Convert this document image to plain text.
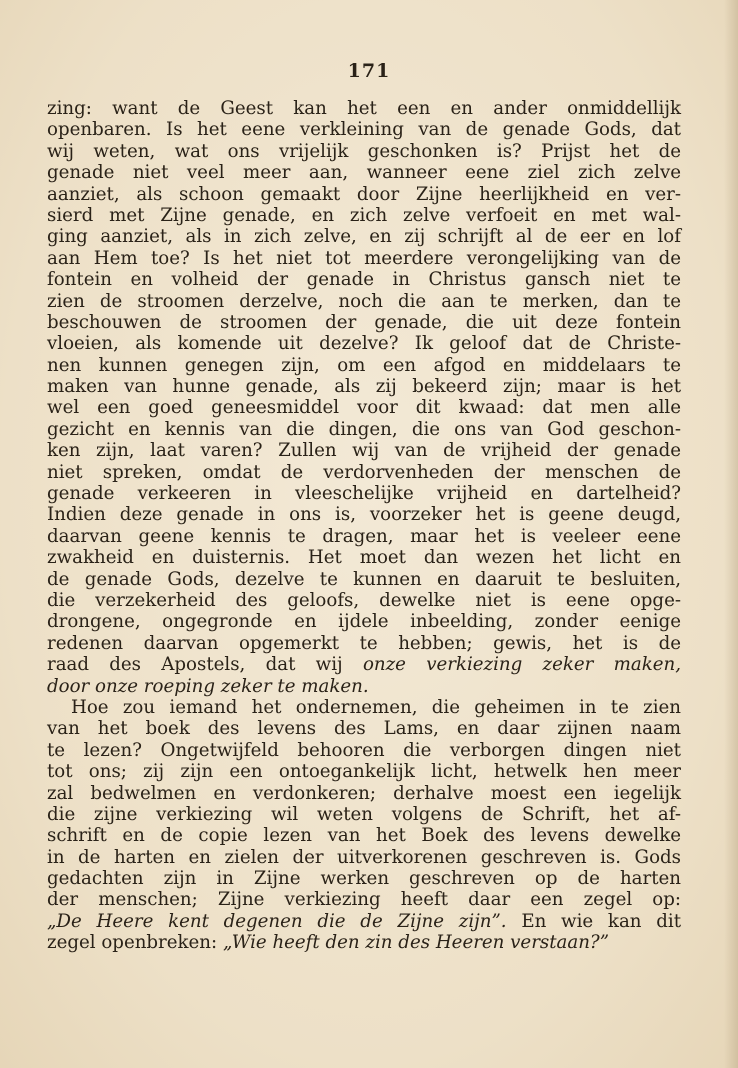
171
zing: want de Geest kan het een en ander onmiddellijk
openbaren. Is het eene verkleining van de genade Gods, dat
wij weten, wat ons vrijelijk geschonken is? Prijst het de
genade niet veel meer aan, wanneer eene ziel zich zelve
aanziet, als schoon gemaakt door Zijne heerlijkheid en ver-
sierd met Zijne genade, en zich zelve verfoeit en met wal-
ging aanziet, als in zich zelve, en zij schrijft al de eer en lof
aan Hem toe? Is het niet tot meerdere verongelijking van de
fontein en volheid der genade in Christus gansch niet te
zien de stroomen derzelve, noch die aan te merken, dan te
beschouwen de stroomen der genade, die uit deze fontein
vloeien, als komende uit dezelve? Ik geloof dat de Christe-
nen kunnen genegen zijn, om een afgod en middelaars te
maken van hunne genade, als zij bekeerd zijn; maar is het
wel een goed geneesmiddel voor dit kwaad: dat men alle
gezicht en kennis van die dingen, die ons van God geschon-
ken zijn, laat varen? Zullen wij van de vrijheid der genade
niet spreken, omdat de verdorvenheden der menschen de
genade verkeeren in vleeschelijke vrijheid en dartelheid?
Indien deze genade in ons is, voorzeker het is geene deugd,
daarvan geene kennis te dragen, maar het is veeleer eene
zwakheid en duisternis. Het moet dan wezen het licht en
de genade Gods, dezelve te kunnen en daaruit te besluiten,
die verzekerheid des geloofs, dewelke niet is eene opge-
drongene, ongegronde en ijdele inbeelding, zonder eenige
redenen daarvan opgemerkt te hebben; gewis, het is de
raad des Apostels, dat wij onze verkiezing zeker maken,
door onze roeping zeker te maken.
Hoe zou iemand het ondernemen, die geheimen in te zien
van het boek des levens des Lams, en daar zijnen naam
te lezen? Ongetwijfeld behooren die verborgen dingen niet
tot ons; zij zijn een ontoegankelijk licht, hetwelk hen meer
zal bedwelmen en verdonkeren; derhalve moest een iegelijk
die zijne verkiezing wil weten volgens de Schrift, het af-
schrift en de copie lezen van het Boek des levens dewelke
in de harten en zielen der uitverkorenen geschreven is. Gods
gedachten zijn in Zijne werken geschreven op de harten
der menschen; Zijne verkiezing heeft daar een zegel op:
„De Heere kent degenen die de Zijne zijn”. En wie kan dit
zegel openbreken: „Wie heeft den zin des Heeren verstaan?”
